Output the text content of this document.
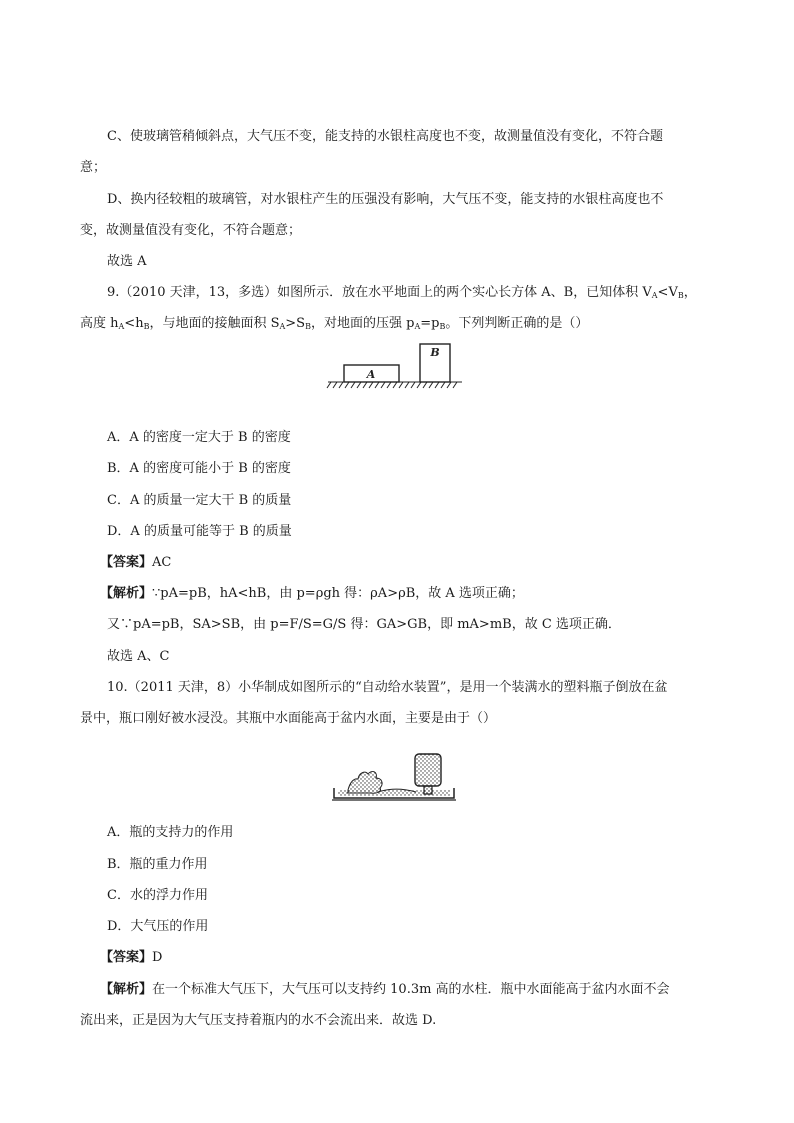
C、使玻璃管稍倾斜点，大气压不变，能支持的水银柱高度也不变，故测量值没有变化，不符合题
意；
D、换内径较粗的玻璃管，对水银柱产生的压强没有影响，大气压不变，能支持的水银柱高度也不
变，故测量值没有变化，不符合题意；
故选 A
9.（2010 天津，13，多选）如图所示．放在水平地面上的两个实心长方体 A、B，已知体积 $V_A<V_B$，
高度 $h_A<h_B$，与地面的接触面积 $S_A>S_B$，对地面的压强 $p_A=p_B$。下列判断正确的是（）
A
B
A．A 的密度一定大于 B 的密度
B．A 的密度可能小于 B 的密度
C．A 的质量一定大干 B 的质量
D．A 的质量可能等于 B 的质量
【答案】AC
【解析】∵pA=pB，hA<hB，由 p=ρgh 得：ρA>ρB，故 A 选项正确；
又∵pA=pB，SA>SB，由 p=F/S=G/S 得：GA>GB，即 mA>mB，故 C 选项正确．
故选 A、C
10.（2011 天津，8）小华制成如图所示的“自动给水装置”，是用一个装满水的塑料瓶子倒放在盆
景中，瓶口刚好被水浸没。其瓶中水面能高于盆内水面，主要是由于（）
A．瓶的支持力的作用
B．瓶的重力作用
C．水的浮力作用
D．大气压的作用
【答案】D
【解析】在一个标准大气压下，大气压可以支持约 10.3m 高的水柱．瓶中水面能高于盆内水面不会
流出来，正是因为大气压支持着瓶内的水不会流出来．故选 D.
